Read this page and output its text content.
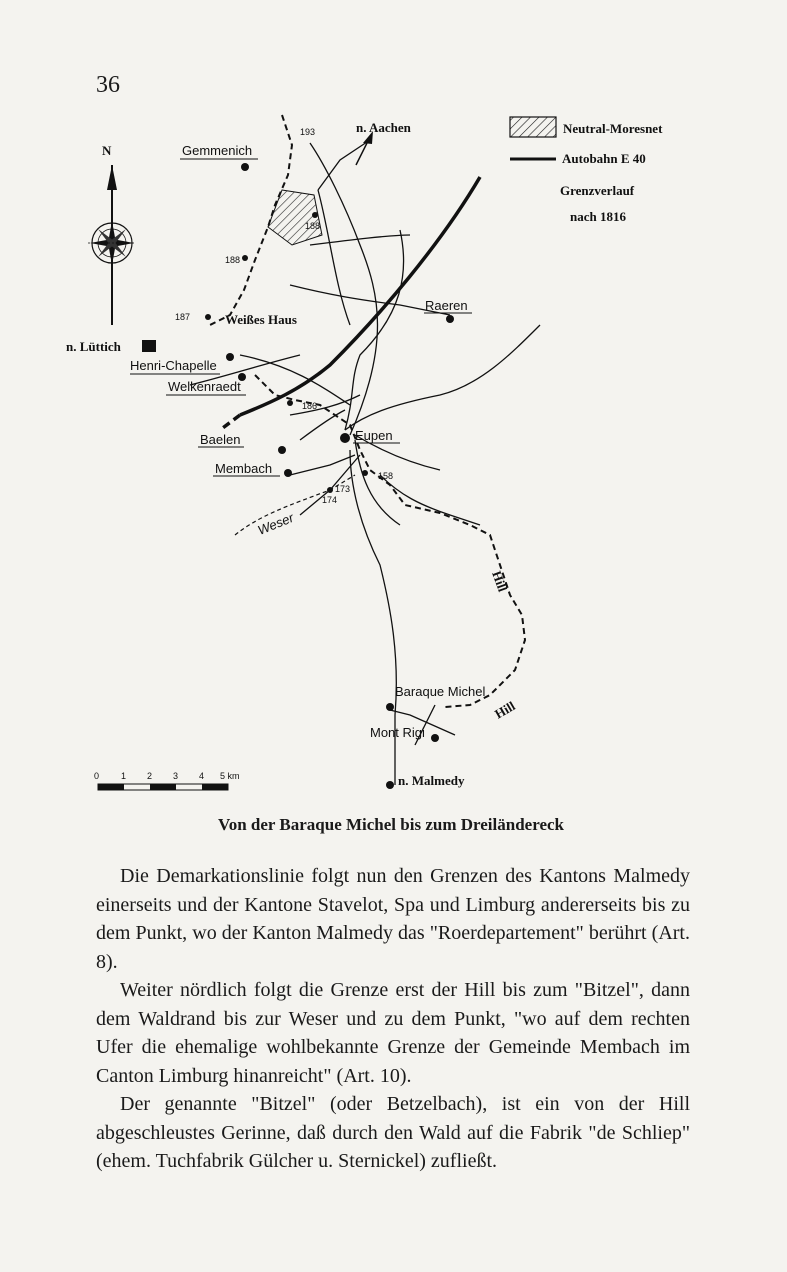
36
N
Neutral-Moresnet
Autobahn E 40
Grenzverlauf
nach 1816
n. Aachen
Gemmenich
Raeren
Weißes Haus
n. Lüttich
Henri-Chapelle
Welkenraedt
Baelen	Eupen
Membach
Weser
Hill
Hill
Baraque Michel
Mont Rigi
n. Malmedy
193
188
188
187
186
158
173
174
0 1 2 3 4 5 km
Von der Baraque Michel bis zum Dreiländereck

Die Demarkationslinie folgt nun den Grenzen des Kantons Malmedy einerseits und der Kantone Stavelot, Spa und Limburg andererseits bis zu dem Punkt, wo der Kanton Malmedy das "Roerdepartement" berührt (Art. 8).

Weiter nördlich folgt die Grenze erst der Hill bis zum "Bitzel", dann dem Waldrand bis zur Weser und zu dem Punkt, "wo auf dem rechten Ufer die ehemalige wohlbekannte Grenze der Gemeinde Membach im Canton Limburg hinanreicht" (Art. 10).

Der genannte "Bitzel" (oder Betzelbach), ist ein von der Hill abgeschleustes Gerinne, daß durch den Wald auf die Fabrik "de Schliep" (ehem. Tuchfabrik Gülcher u. Sternickel) zufließt.
